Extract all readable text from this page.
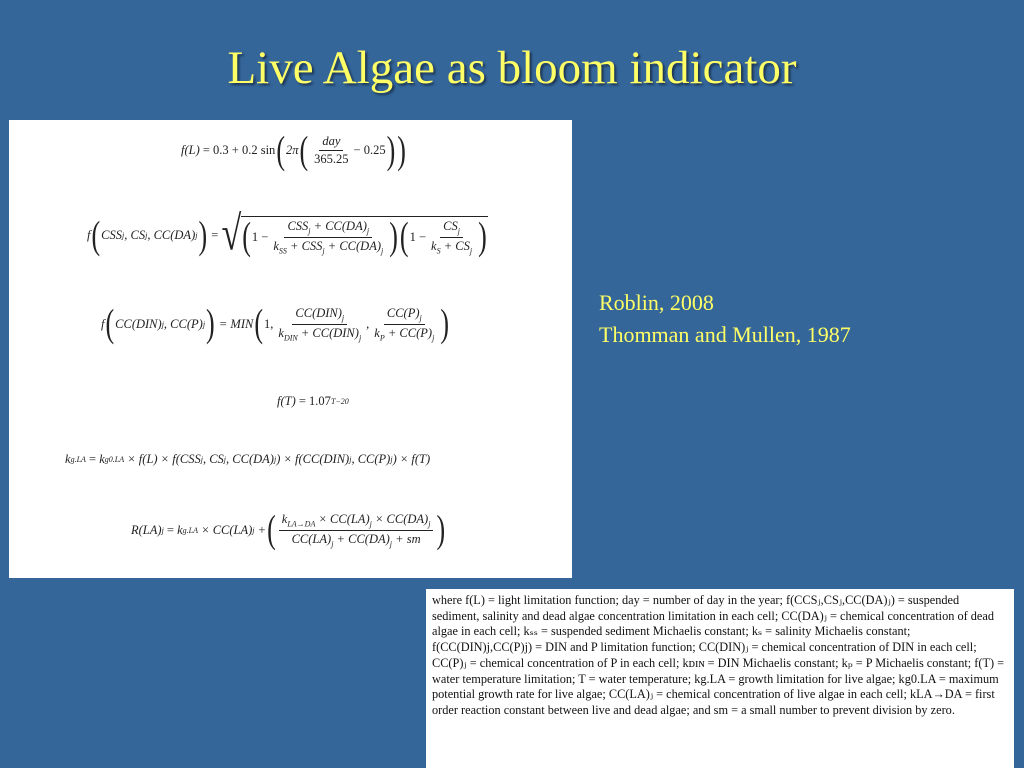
Live Algae as bloom indicator
f(L) = 0.3 + 0.2 sin ( 2π ( $\frac{\text{day}}{365.25} - 0.25$ ) )
f ( CSS j , CS j , CC(DA) j ) = √ ( $1 - \frac{CSS_j + CC(DA)_j}{k_{SS} + CSS_j + CC(DA)_j}$ ) ( $1 - \frac{CS_j}{k_S + CS_j}$ )
f ( CC(DIN) j , CC(P) j ) = MIN ( 1, $\frac{CC(DIN)_j}{k_{DIN} + CC(DIN)_j}$ , $\frac{CC(P)_j}{k_P + CC(P)_j}$ )
f(T) = 1.07 T−20
k g.LA
= k g0.LA × f(L) × f(CSS j , CS j , CC(DA) j ) × f(CC(DIN) j , CC(P) j ) × f(T)
R(LA) j
= k g.LA × CC(LA) j + ( $\frac{k_{LA\to DA} \times CC(LA)_j \times CC(DA)_j}{CC(LA)_j + CC(DA)_j + sm}$ )
Roblin, 2008
Thomman and Mullen, 1987
where f(L) = light limitation function; day = number of day in the year; f(CCSⱼ,CSⱼ,CC(DA)ⱼ) = suspended sediment, salinity and dead algae concentration limitation in each cell; CC(DA)ⱼ = chemical concentration of dead algae in each cell; kₛₛ = suspended sediment Michaelis constant; kₛ = salinity Michaelis constant; f(CC(DIN)j,CC(P)j) = DIN and P limitation function; CC(DIN)ⱼ = chemical concentration of DIN in each cell; CC(P)ⱼ = chemical concentration of P in each cell; kᴅɪɴ = DIN Michaelis constant; kₚ = P Michaelis constant; f(T) = water temperature limitation; T = water temperature; kg.LA = growth limitation for live algae; kg0.LA = maximum potential growth rate for live algae; CC(LA)ⱼ = chemical concentration of live algae in each cell; kLA→DA = first order reaction constant between live and dead algae; and sm = a small number to prevent division by zero.
